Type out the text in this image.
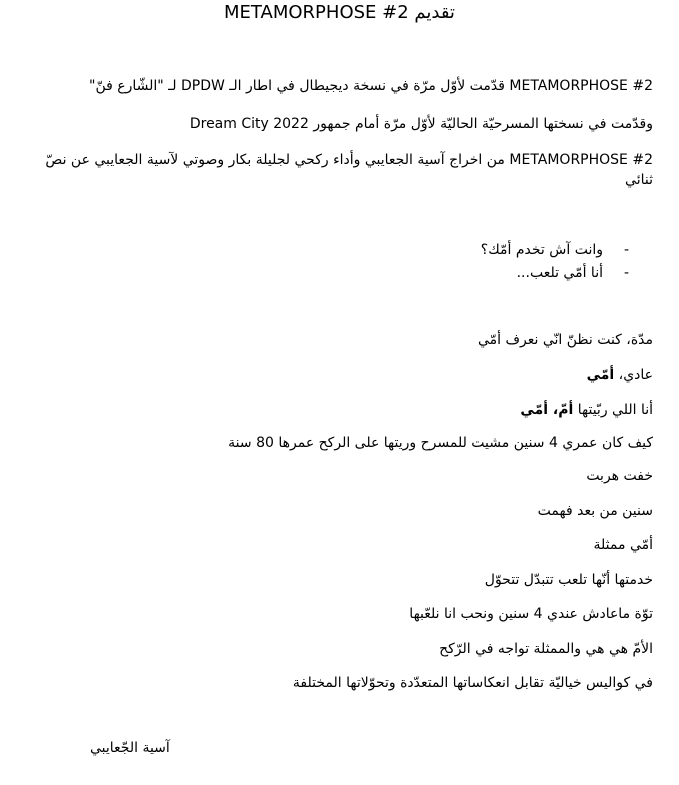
METAMORPHOSE #2 تقديم
METAMORPHOSE #2 قدّمت لأوّل مرّة في نسخة ديجيطال في اطار الـ DPDW لـ "الشّارع فنّ"
وقدّمت في نسختها المسرحيّة الحاليّة لأوّل مرّة أمام جمهور Dream City 2022
METAMORPHOSE #2 من اخراج آسية الجعايبي وأداء ركحي لجليلة بكار وصوتي لآسية الجعايبي عن نصّ ثنائي
-
وانت آش تخدم أمّك؟
-
أنا أمّي تلعب...
مدّة، كنت نظنّ انّي نعرف أمّي
عادي، أمّي
أنا اللي ربّيتها أمّ، أمّي
كيف كان عمري 4 سنين مشيت للمسرح وريتها على الركح عمرها 80 سنة
خفت هربت
سنين من بعد فهمت
أمّي ممثلة
خدمتها أنّها تلعب تتبدّل تتحوّل
توّة ماعادش عندي 4 سنين ونحب انا نلعّبها
الأمّ هي هي والممثلة تواجه في الرّكح
في كواليس خياليّة تقابل انعكاساتها المتعدّدة وتحوّلاتها المختلفة
آسية الجّعايبي
